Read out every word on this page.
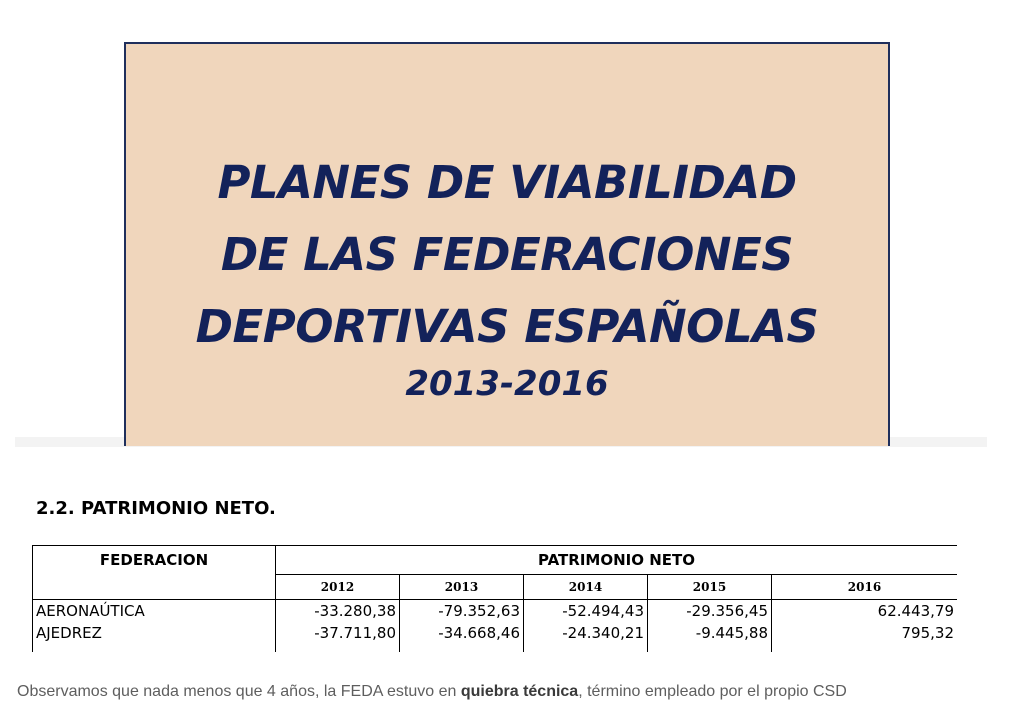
PLANES DE VIABILIDAD
DE LAS FEDERACIONES
DEPORTIVAS ESPAÑOLAS
2013-2016
2.2. PATRIMONIO NETO.
FEDERACION	PATRIMONIO NETO				
	2012	2013	2014	2015	2016
AERONAÚTICA	-33.280,38	-79.352,63	-52.494,43	-29.356,45	62.443,79
AJEDREZ	-37.711,80	-34.668,46	-24.340,21	-9.445,88	795,32

Observamos que nada menos que 4 años, la FEDA estuvo en quiebra técnica, término empleado por el propio CSD
